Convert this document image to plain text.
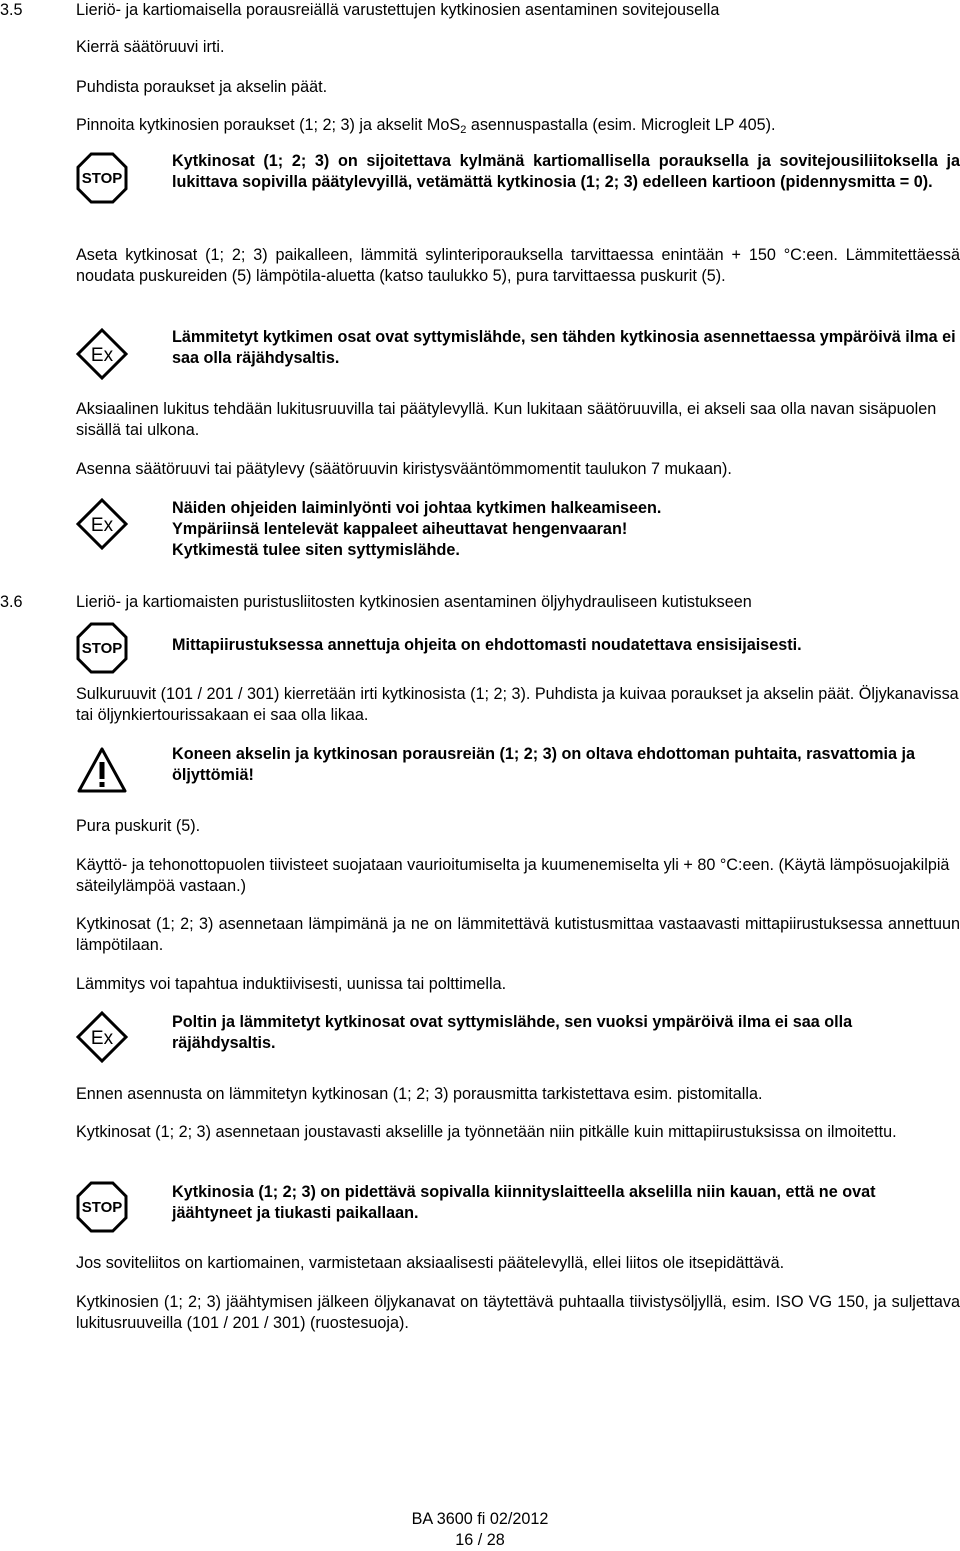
3.5	Lieriö- ja kartiomaisella porausreiällä varustettujen kytkinosien asentaminen sovitejousella
Kierrä säätöruuvi irti.
Puhdista poraukset ja akselin päät.
Pinnoita kytkinosien poraukset (1; 2; 3) ja akselit MoS$_2$ asennuspastalla (esim. Microgleit LP 405).
STOP
Kytkinosat (1; 2; 3) on sijoitettava kylmänä kartiomallisella porauksella ja sovitejousiliitoksella ja lukittava sopivilla päätylevyillä, vetämättä kytkinosia (1; 2; 3) edelleen kartioon (pidennysmitta = 0).
Aseta kytkinosat (1; 2; 3) paikalleen, lämmitä sylinteriporauksella tarvittaessa enintään + 150 °C:een. Lämmitettäessä noudata puskureiden (5) lämpötila-aluetta (katso taulukko 5), pura tarvittaessa puskurit (5).
Ex
Lämmitetyt kytkimen osat ovat syttymislähde, sen tähden kytkinosia asennettaessa ympäröivä ilma ei saa olla räjähdysaltis.
Aksiaalinen lukitus tehdään lukitusruuvilla tai päätylevyllä. Kun lukitaan säätöruuvilla, ei akseli saa olla navan sisäpuolen sisällä tai ulkona.
Asenna säätöruuvi tai päätylevy (säätöruuvin kiristysvääntömmomentit taulukon 7 mukaan).
Ex
Näiden ohjeiden laiminlyönti voi johtaa kytkimen halkeamiseen.
Ympäriinsä lentelevät kappaleet aiheuttavat hengenvaaran!
Kytkimestä tulee siten syttymislähde.
3.6	Lieriö- ja kartiomaisten puristusliitosten kytkinosien asentaminen öljyhydrauliseen kutistukseen
STOP	Mittapiirustuksessa annettuja ohjeita on ehdottomasti noudatettava ensisijaisesti.
Sulkuruuvit (101 / 201 / 301) kierretään irti kytkinosista (1; 2; 3). Puhdista ja kuivaa poraukset ja akselin päät. Öljykanavissa tai öljynkiertourissakaan ei saa olla likaa.
Koneen akselin ja kytkinosan porausreiän (1; 2; 3) on oltava ehdottoman puhtaita, rasvattomia ja öljyttömiä!
Pura puskurit (5).
Käyttö- ja tehonottopuolen tiivisteet suojataan vaurioitumiselta ja kuumenemiselta yli + 80 °C:een. (Käytä lämpösuojakilpiä säteilylämpöä vastaan.)
Kytkinosat (1; 2; 3) asennetaan lämpimänä ja ne on lämmitettävä kutistusmittaa vastaavasti mittapiirustuksessa annettuun lämpötilaan.
Lämmitys voi tapahtua induktiivisesti, uunissa tai polttimella.
Ex
Poltin ja lämmitetyt kytkinosat ovat syttymislähde, sen vuoksi ympäröivä ilma ei saa olla räjähdysaltis.
Ennen asennusta on lämmitetyn kytkinosan (1; 2; 3) porausmitta tarkistettava esim. pistomitalla.
Kytkinosat (1; 2; 3) asennetaan joustavasti akselille ja työnnetään niin pitkälle kuin mittapiirustuksissa on ilmoitettu.
STOP
Kytkinosia (1; 2; 3) on pidettävä sopivalla kiinnityslaitteella akselilla niin kauan, että ne ovat jäähtyneet ja tiukasti paikallaan.
Jos soviteliitos on kartiomainen, varmistetaan aksiaalisesti päätelevyllä, ellei liitos ole itsepidättävä.
Kytkinosien (1; 2; 3) jäähtymisen jälkeen öljykanavat on täytettävä puhtaalla tiivistysöljyllä, esim. ISO VG 150, ja suljettava lukitusruuveilla (101 / 201 / 301) (ruostesuoja).
BA 3600 fi 02/2012
16 / 28
